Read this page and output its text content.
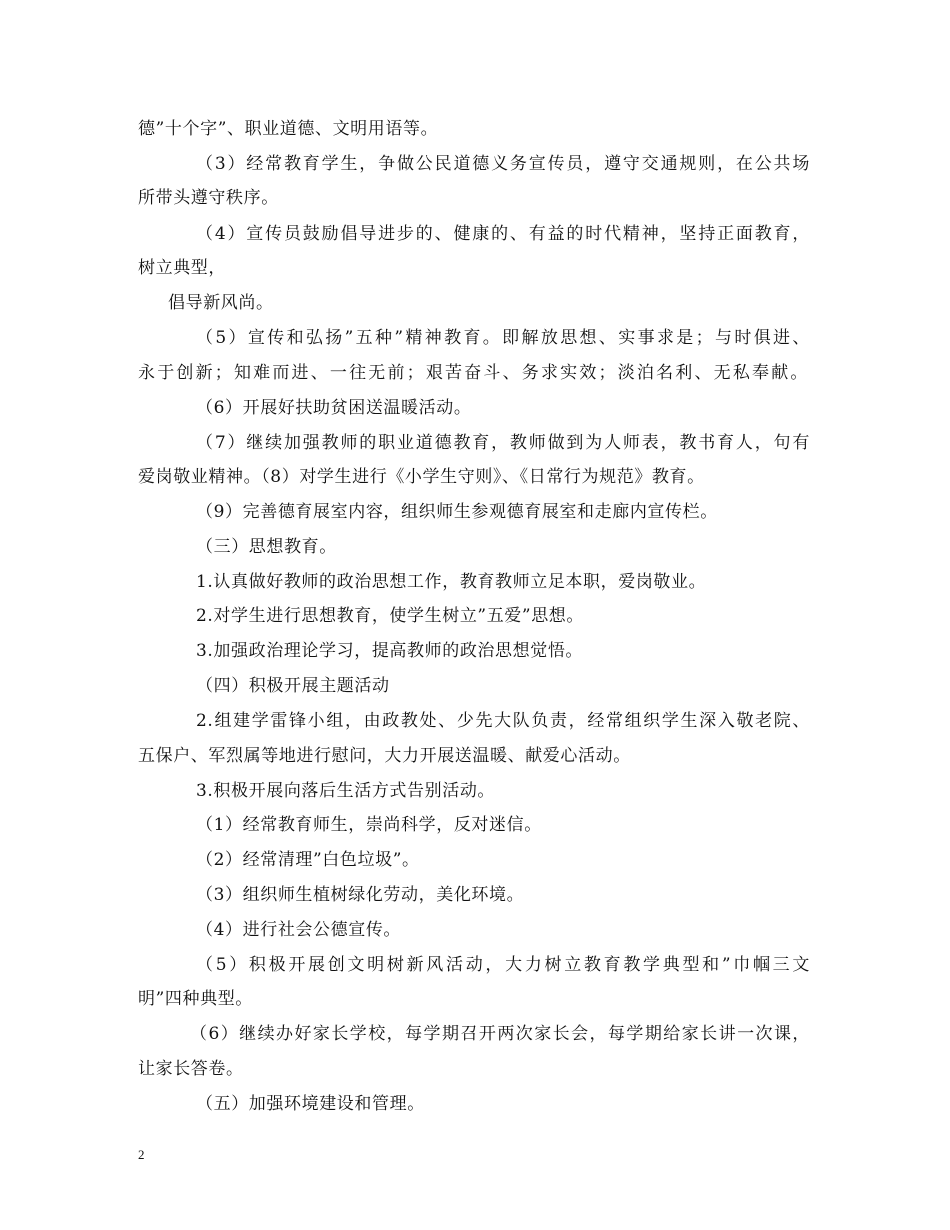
德”十个字”、职业道德、文明用语等。
（3）经常教育学生，争做公民道德义务宣传员，遵守交通规则，在公共场
所带头遵守秩序。
（4）宣传员鼓励倡导进步的、健康的、有益的时代精神，坚持正面教育，
树立典型，
倡导新风尚。
（5）宣传和弘扬”五种”精神教育。即解放思想、实事求是；与时俱进、
永于创新；知难而进、一往无前；艰苦奋斗、务求实效；淡泊名利、无私奉献。
（6）开展好扶助贫困送温暖活动。
（7）继续加强教师的职业道德教育，教师做到为人师表，教书育人，句有
爱岗敬业精神。（8）对学生进行《小学生守则》、《日常行为规范》教育。
（9）完善德育展室内容，组织师生参观德育展室和走廊内宣传栏。
（三）思想教育。
1.认真做好教师的政治思想工作，教育教师立足本职，爱岗敬业。
2.对学生进行思想教育，使学生树立”五爱”思想。
3.加强政治理论学习，提高教师的政治思想觉悟。
（四）积极开展主题活动
2.组建学雷锋小组，由政教处、少先大队负责，经常组织学生深入敬老院、
五保户、军烈属等地进行慰问，大力开展送温暖、献爱心活动。
3.积极开展向落后生活方式告别活动。
（1）经常教育师生，崇尚科学，反对迷信。
（2）经常清理”白色垃圾”。
（3）组织师生植树绿化劳动，美化环境。
（4）进行社会公德宣传。
（5）积极开展创文明树新风活动，大力树立教育教学典型和”巾帼三文
明”四种典型。
（6）继续办好家长学校，每学期召开两次家长会，每学期给家长讲一次课，
让家长答卷。
（五）加强环境建设和管理。
2
